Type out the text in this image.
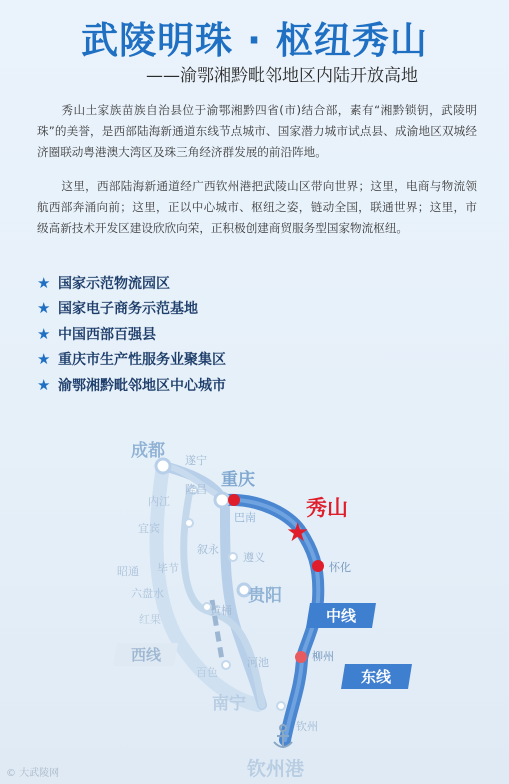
武陵明珠 · 枢纽秀山
——渝鄂湘黔毗邻地区内陆开放高地
秀山土家族苗族自治县位于渝鄂湘黔四省(市)结合部，素有“湘黔锁钥，武陵明珠”的美誉，是西部陆海新通道东线节点城市、国家潜力城市试点县、成渝地区双城经济圈联动粤港澳大湾区及珠三角经济群发展的前沿阵地。
这里，西部陆海新通道经广西钦州港把武陵山区带向世界；这里，电商与物流领航西部奔涌向前；这里，正以中心城市、枢纽之姿，链动全国，联通世界；这里，市级高新技术开发区建设欣欣向荣，正积极创建商贸服务型国家物流枢纽。
★ 国家示范物流园区
★ 国家电子商务示范基地
★ 中国西部百强县
★ 重庆市生产性服务业聚集区
★ 渝鄂湘黔毗邻地区中心城市
中线
东线
西线
★
成都 遂宁
重庆
隆昌
内江
巴南 秀山
宜宾
叙永
遵义
怀化
昭通 毕节
贵阳
六盘水
红果
黄桶
河池	柳州
百色
南宁
钦州
钦州港
© 大武陵网
